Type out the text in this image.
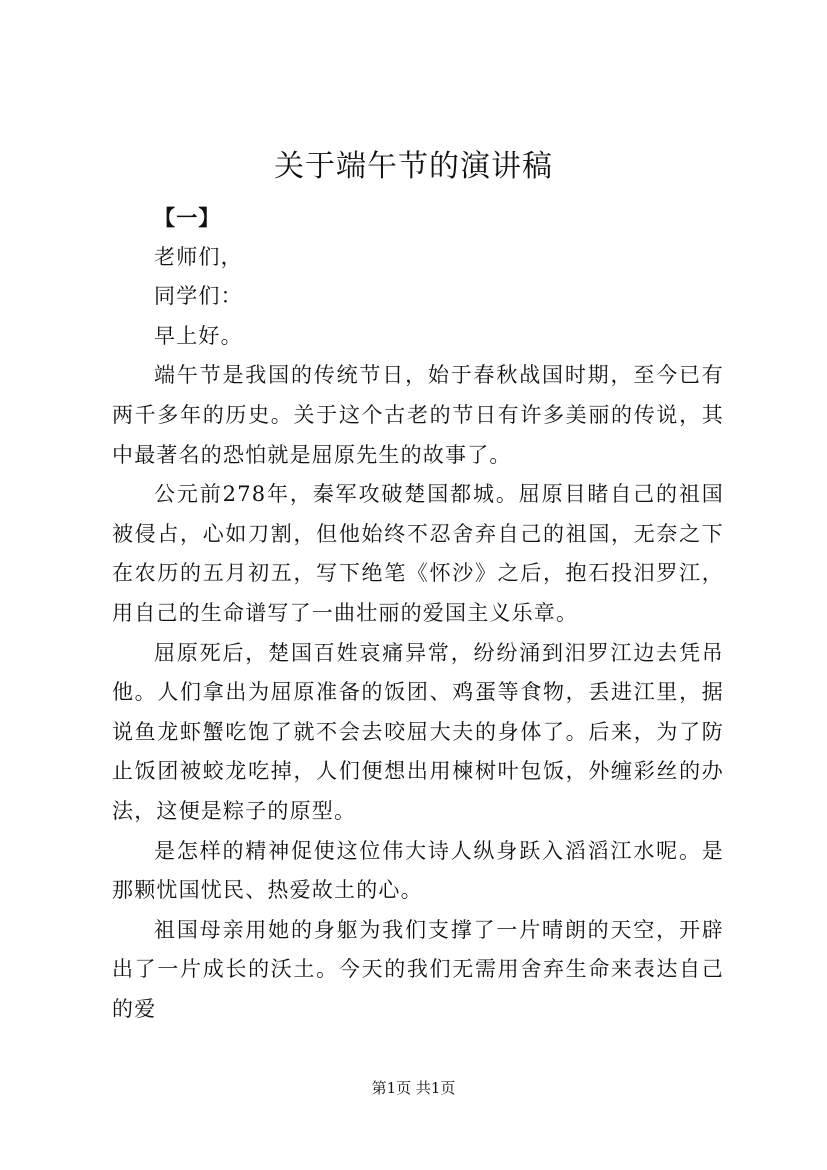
关于端午节的演讲稿

【一】

老师们，

同学们：

早上好。

端午节是我国的传统节日，始于春秋战国时期，至今已有两千多年的历史。关于这个古老的节日有许多美丽的传说，其中最著名的恐怕就是屈原先生的故事了。

公元前278年，秦军攻破楚国都城。屈原目睹自己的祖国被侵占，心如刀割，但他始终不忍舍弃自己的祖国，无奈之下在农历的五月初五，写下绝笔《怀沙》之后，抱石投汨罗江，用自己的生命谱写了一曲壮丽的爱国主义乐章。

屈原死后，楚国百姓哀痛异常，纷纷涌到汨罗江边去凭吊他。人们拿出为屈原准备的饭团、鸡蛋等食物，丢进江里，据说鱼龙虾蟹吃饱了就不会去咬屈大夫的身体了。后来，为了防止饭团被蛟龙吃掉，人们便想出用楝树叶包饭，外缠彩丝的办法，这便是粽子的原型。

是怎样的精神促使这位伟大诗人纵身跃入滔滔江水呢。是那颗忧国忧民、热爱故土的心。

祖国母亲用她的身躯为我们支撑了一片晴朗的天空，开辟出了一片成长的沃土。今天的我们无需用舍弃生命来表达自己的爱

第1页 共1页
